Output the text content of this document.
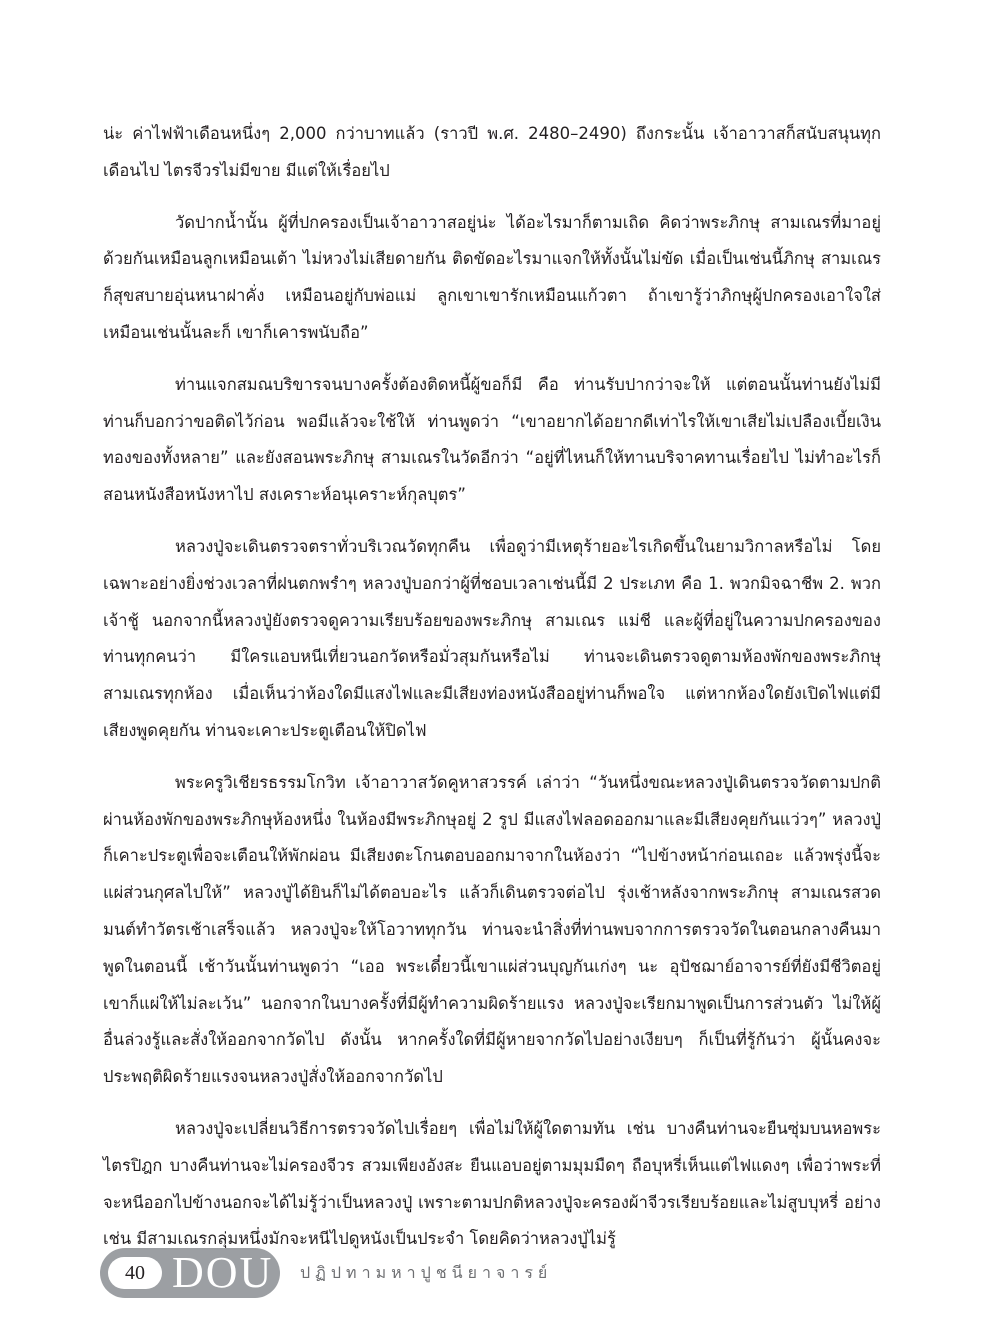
น่ะ ค่าไฟฟ้าเดือนหนึ่งๆ 2,000 กว่าบาทแล้ว (ราวปี พ.ศ. 2480–2490) ถึงกระนั้น เจ้าอาวาสก็สนับสนุนทุกเดือนไป ไตรจีวรไม่มีขาย มีแต่ให้เรื่อยไป

วัดปากน้ำนั้น ผู้ที่ปกครองเป็นเจ้าอาวาสอยู่น่ะ ได้อะไรมาก็ตามเถิด คิดว่าพระภิกษุ สามเณรที่มาอยู่ด้วยกันเหมือนลูกเหมือนเต้า ไม่หวงไม่เสียดายกัน ติดขัดอะไรมาแจกให้ทั้งนั้นไม่ขัด เมื่อเป็นเช่นนี้ภิกษุ สามเณรก็สุขสบายอุ่นหนาฝาคั่ง เหมือนอยู่กับพ่อแม่ ลูกเขาเขารักเหมือนแก้วตา ถ้าเขารู้ว่าภิกษุผู้ปกครองเอาใจใส่เหมือนเช่นนั้นละก็ เขาก็เคารพนับถือ”

ท่านแจกสมณบริขารจนบางครั้งต้องติดหนี้ผู้ขอก็มี คือ ท่านรับปากว่าจะให้ แต่ตอนนั้นท่านยังไม่มี ท่านก็บอกว่าขอติดไว้ก่อน พอมีแล้วจะใช้ให้ ท่านพูดว่า “เขาอยากได้อยากดีเท่าไรให้เขาเสียไม่เปลืองเบี้ยเงินทองของทั้งหลาย” และยังสอนพระภิกษุ สามเณรในวัดอีกว่า “อยู่ที่ไหนก็ให้ทานบริจาคทานเรื่อยไป ไม่ทำอะไรก็สอนหนังสือหนังหาไป สงเคราะห์อนุเคราะห์กุลบุตร”

หลวงปู่จะเดินตรวจตราทั่วบริเวณวัดทุกคืน เพื่อดูว่ามีเหตุร้ายอะไรเกิดขึ้นในยามวิกาลหรือไม่ โดยเฉพาะอย่างยิ่งช่วงเวลาที่ฝนตกพรำๆ หลวงปู่บอกว่าผู้ที่ชอบเวลาเช่นนี้มี 2 ประเภท คือ 1. พวกมิจฉาชีพ 2. พวกเจ้าชู้ นอกจากนี้หลวงปู่ยังตรวจดูความเรียบร้อยของพระภิกษุ สามเณร แม่ชี และผู้ที่อยู่ในความปกครองของท่านทุกคนว่า มีใครแอบหนีเที่ยวนอกวัดหรือมั่วสุมกันหรือไม่ ท่านจะเดินตรวจดูตามห้องพักของพระภิกษุ สามเณรทุกห้อง เมื่อเห็นว่าห้องใดมีแสงไฟและมีเสียงท่องหนังสืออยู่ท่านก็พอใจ แต่หากห้องใดยังเปิดไฟแต่มีเสียงพูดคุยกัน ท่านจะเคาะประตูเตือนให้ปิดไฟ

พระครูวิเชียรธรรมโกวิท เจ้าอาวาสวัดคูหาสวรรค์ เล่าว่า “วันหนึ่งขณะหลวงปู่เดินตรวจวัดตามปกติ ผ่านห้องพักของพระภิกษุห้องหนึ่ง ในห้องมีพระภิกษุอยู่ 2 รูป มีแสงไฟลอดออกมาและมีเสียงคุยกันแว่วๆ” หลวงปู่ก็เคาะประตูเพื่อจะเตือนให้พักผ่อน มีเสียงตะโกนตอบออกมาจากในห้องว่า “ไปข้างหน้าก่อนเถอะ แล้วพรุ่งนี้จะแผ่ส่วนกุศลไปให้” หลวงปู่ได้ยินก็ไม่ได้ตอบอะไร แล้วก็เดินตรวจต่อไป รุ่งเช้าหลังจากพระภิกษุ สามเณรสวดมนต์ทำวัตรเช้าเสร็จแล้ว หลวงปู่จะให้โอวาททุกวัน ท่านจะนำสิ่งที่ท่านพบจากการตรวจวัดในตอนกลางคืนมาพูดในตอนนี้ เช้าวันนั้นท่านพูดว่า “เออ พระเดี๋ยวนี้เขาแผ่ส่วนบุญกันเก่งๆ นะ อุปัชฌาย์อาจารย์ที่ยังมีชีวิตอยู่ เขาก็แผ่ให้ไม่ละเว้น” นอกจากในบางครั้งที่มีผู้ทำความผิดร้ายแรง หลวงปู่จะเรียกมาพูดเป็นการส่วนตัว ไม่ให้ผู้อื่นล่วงรู้และสั่งให้ออกจากวัดไป ดังนั้น หากครั้งใดที่มีผู้หายจากวัดไปอย่างเงียบๆ ก็เป็นที่รู้กันว่า ผู้นั้นคงจะประพฤติผิดร้ายแรงจนหลวงปู่สั่งให้ออกจากวัดไป

หลวงปู่จะเปลี่ยนวิธีการตรวจวัดไปเรื่อยๆ เพื่อไม่ให้ผู้ใดตามทัน เช่น บางคืนท่านจะยืนซุ่มบนหอพระไตรปิฎก บางคืนท่านจะไม่ครองจีวร สวมเพียงอังสะ ยืนแอบอยู่ตามมุมมืดๆ ถือบุหรี่เห็นแต่ไฟแดงๆ เพื่อว่าพระที่จะหนีออกไปข้างนอกจะได้ไม่รู้ว่าเป็นหลวงปู่ เพราะตามปกติหลวงปู่จะครองผ้าจีวรเรียบร้อยและไม่สูบบุหรี่ อย่างเช่น มีสามเณรกลุ่มหนึ่งมักจะหนีไปดูหนังเป็นประจำ โดยคิดว่าหลวงปู่ไม่รู้

40 DOU ปฏิปทามหาปูชนียาจารย์
